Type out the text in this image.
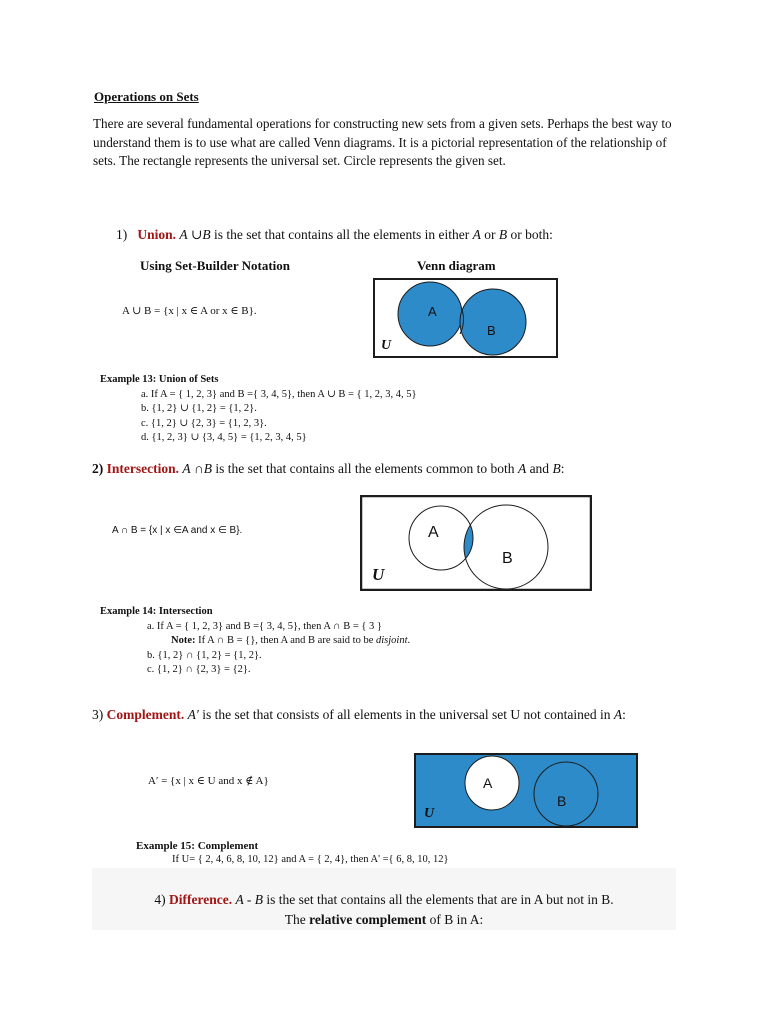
Operations on Sets
There are several fundamental operations for constructing new sets from a given sets. Perhaps the best way to understand them is to use what are called Venn diagrams. It is a pictorial representation of the relationship of sets. The rectangle represents the universal set. Circle represents the given set.
1) Union. A ∪B is the set that contains all the elements in either A or B or both:
Using Set-Builder Notation	Venn diagram
A ∪ B = {x | x ∈ A or x ∈ B}.	A
B
U
Example 13: Union of Sets
a. If A = { 1, 2, 3} and B ={ 3, 4, 5}, then A ∪ B = { 1, 2, 3, 4, 5}
b. {1, 2} ∪ {1, 2} = {1, 2}.
c. {1, 2} ∪ {2, 3} = {1, 2, 3}.
d. {1, 2, 3} ∪ {3, 4, 5} = {1, 2, 3, 4, 5}
2) Intersection. A ∩B is the set that contains all the elements common to both A and B:
A ∩ B = {x | x ∈A and x ∈ B}.	A
B
U
Example 14: Intersection
a. If A = { 1, 2, 3} and B ={ 3, 4, 5}, then A ∩ B = { 3 }
Note: If A ∩ B = {}, then A and B are said to be disjoint.
b. {1, 2} ∩ {1, 2} = {1, 2}.
c. {1, 2} ∩ {2, 3} = {2}.
3) Complement. A′ is the set that consists of all elements in the universal set U not contained in A:
A′ = {x | x ∈ U and x ∉ A}	A
B
U
Example 15: Complement
If U= { 2, 4, 6, 8, 10, 12} and A = { 2, 4}, then A' ={ 6, 8, 10, 12}
4) Difference. A - B is the set that contains all the elements that are in A but not in B.
The relative complement of B in A:
